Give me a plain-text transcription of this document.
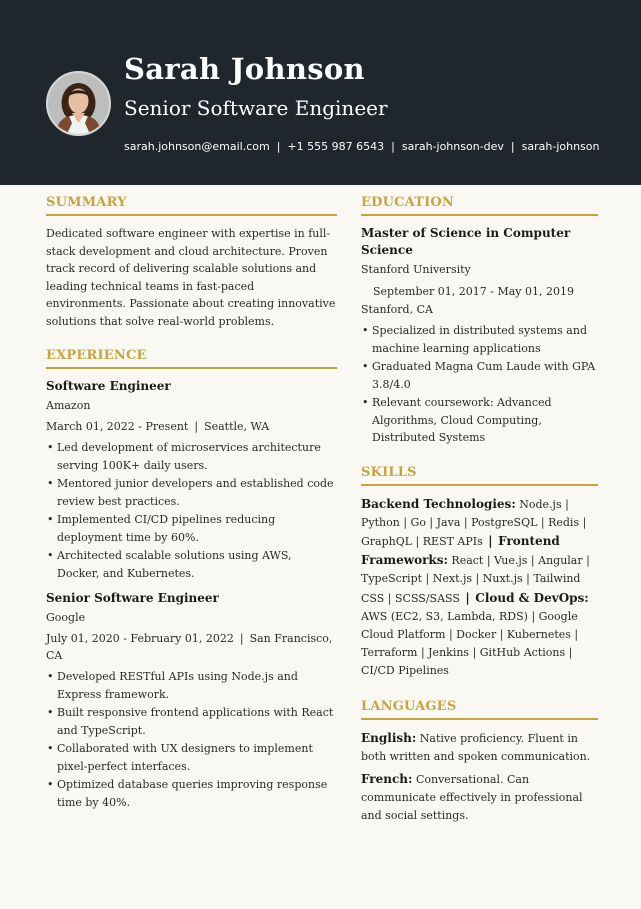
Sarah Johnson
Senior Software Engineer
sarah.johnson@email.com | +1 555 987 6543 | sarah-johnson-dev | sarah-johnson
SUMMARY
Dedicated software engineer with expertise in full-stack development and cloud architecture. Proven track record of delivering scalable solutions and leading technical teams in fast-paced environments. Passionate about creating innovative solutions that solve real-world problems.
EXPERIENCE
Software Engineer
Amazon
March 01, 2022 - Present | Seattle, WA
• Led development of microservices architecture serving 100K+ daily users.
• Mentored junior developers and established code review best practices.
• Implemented CI/CD pipelines reducing deployment time by 60%.
• Architected scalable solutions using AWS, Docker, and Kubernetes.
Senior Software Engineer
Google
July 01, 2020 - February 01, 2022 | San Francisco, CA
• Developed RESTful APIs using Node.js and Express framework.
• Built responsive frontend applications with React and TypeScript.
• Collaborated with UX designers to implement pixel-perfect interfaces.
• Optimized database queries improving response time by 40%.
EDUCATION
Master of Science in Computer Science
Stanford University
September 01, 2017 - May 01, 2019
Stanford, CA
• Specialized in distributed systems and machine learning applications
• Graduated Magna Cum Laude with GPA 3.8/4.0
• Relevant coursework: Advanced Algorithms, Cloud Computing, Distributed Systems
SKILLS
Backend Technologies: Node.js | Python | Go | Java | PostgreSQL | Redis | GraphQL | REST APIs | Frontend Frameworks: React | Vue.js | Angular | TypeScript | Next.js | Nuxt.js | Tailwind CSS | SCSS/SASS | Cloud & DevOps: AWS (EC2, S3, Lambda, RDS) | Google Cloud Platform | Docker | Kubernetes | Terraform | Jenkins | GitHub Actions | CI/CD Pipelines
LANGUAGES
English: Native proficiency. Fluent in both written and spoken communication.
French: Conversational. Can communicate effectively in professional and social settings.
